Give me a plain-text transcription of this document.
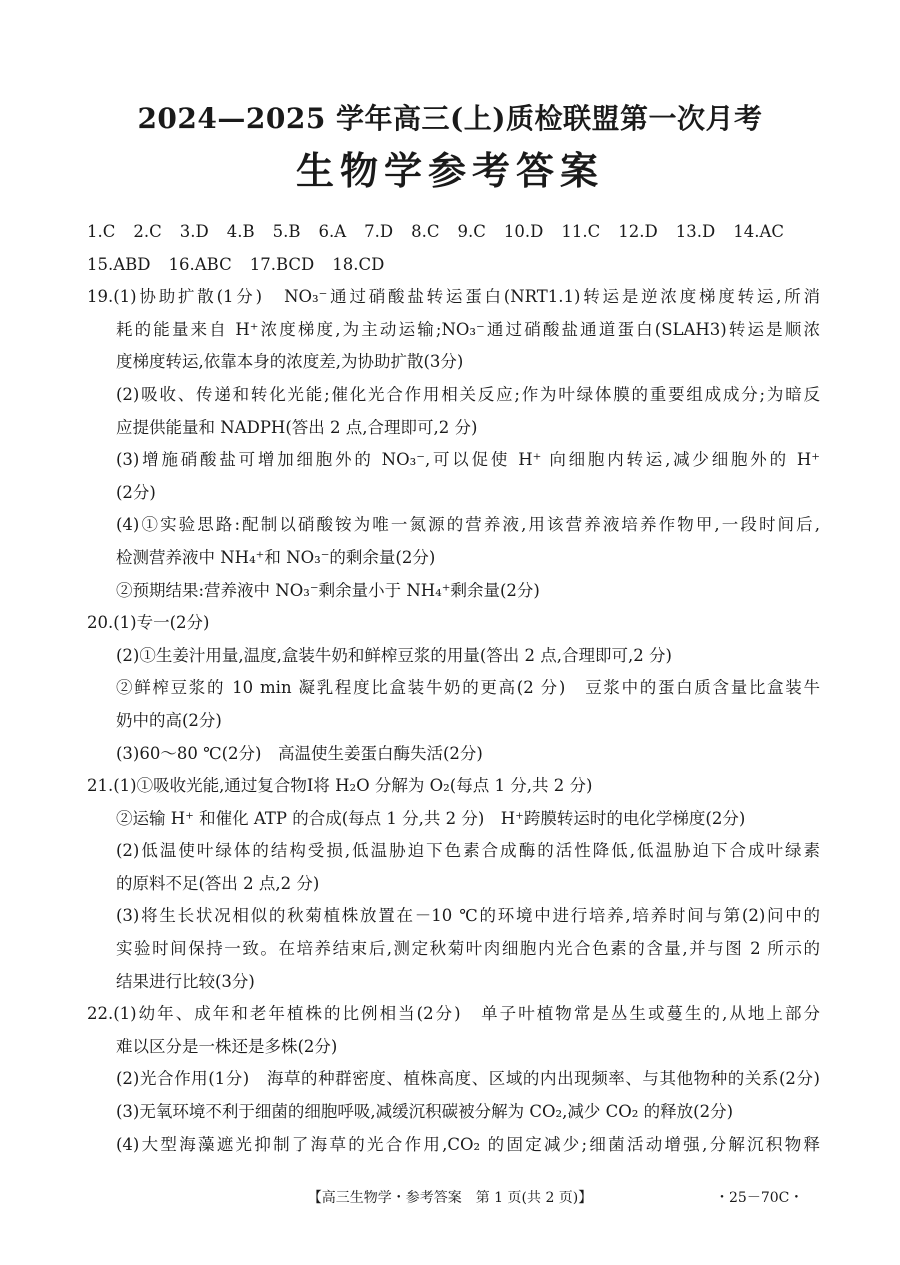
2024—2025 学年高三(上)质检联盟第一次月考
生物学参考答案
1.C 2.C 3.D 4.B 5.B 6.A 7.D 8.C 9.C 10.D 11.C 12.D 13.D 14.AC
15.ABD 16.ABC 17.BCD 18.CD
19.(1)协助扩散(1分)　NO₃⁻通过硝酸盐转运蛋白(NRT1.1)转运是逆浓度梯度转运,所消
耗的能量来自 H⁺浓度梯度,为主动运输;NO₃⁻通过硝酸盐通道蛋白(SLAH3)转运是顺浓
度梯度转运,依靠本身的浓度差,为协助扩散(3分)
(2)吸收、传递和转化光能;催化光合作用相关反应;作为叶绿体膜的重要组成成分;为暗反
应提供能量和 NADPH(答出 2 点,合理即可,2 分)
(3)增施硝酸盐可增加细胞外的 NO₃⁻,可以促使 H⁺ 向细胞内转运,减少细胞外的 H⁺
(2分)
(4)①实验思路:配制以硝酸铵为唯一氮源的营养液,用该营养液培养作物甲,一段时间后,
检测营养液中 NH₄⁺和 NO₃⁻的剩余量(2分)
②预期结果:营养液中 NO₃⁻剩余量小于 NH₄⁺剩余量(2分)
20.(1)专一(2分)
(2)①生姜汁用量,温度,盒装牛奶和鲜榨豆浆的用量(答出 2 点,合理即可,2 分)
②鲜榨豆浆的 10 min 凝乳程度比盒装牛奶的更高(2 分)　豆浆中的蛋白质含量比盒装牛
奶中的高(2分)
(3)60～80 ℃(2分)　高温使生姜蛋白酶失活(2分)
21.(1)①吸收光能,通过复合物Ⅰ将 H₂O 分解为 O₂(每点 1 分,共 2 分)
②运输 H⁺ 和催化 ATP 的合成(每点 1 分,共 2 分)　H⁺跨膜转运时的电化学梯度(2分)
(2)低温使叶绿体的结构受损,低温胁迫下色素合成酶的活性降低,低温胁迫下合成叶绿素
的原料不足(答出 2 点,2 分)
(3)将生长状况相似的秋菊植株放置在－10 ℃的环境中进行培养,培养时间与第(2)问中的
实验时间保持一致。在培养结束后,测定秋菊叶肉细胞内光合色素的含量,并与图 2 所示的
结果进行比较(3分)
22.(1)幼年、成年和老年植株的比例相当(2分)　单子叶植物常是丛生或蔓生的,从地上部分
难以区分是一株还是多株(2分)
(2)光合作用(1分)　海草的种群密度、植株高度、区域的内出现频率、与其他物种的关系(2分)
(3)无氧环境不利于细菌的细胞呼吸,减缓沉积碳被分解为 CO₂,减少 CO₂ 的释放(2分)
(4)大型海藻遮光抑制了海草的光合作用,CO₂ 的固定减少;细菌活动增强,分解沉积物释
【高三生物学・参考答案　第 1 页(共 2 页)】	・25－70C・
